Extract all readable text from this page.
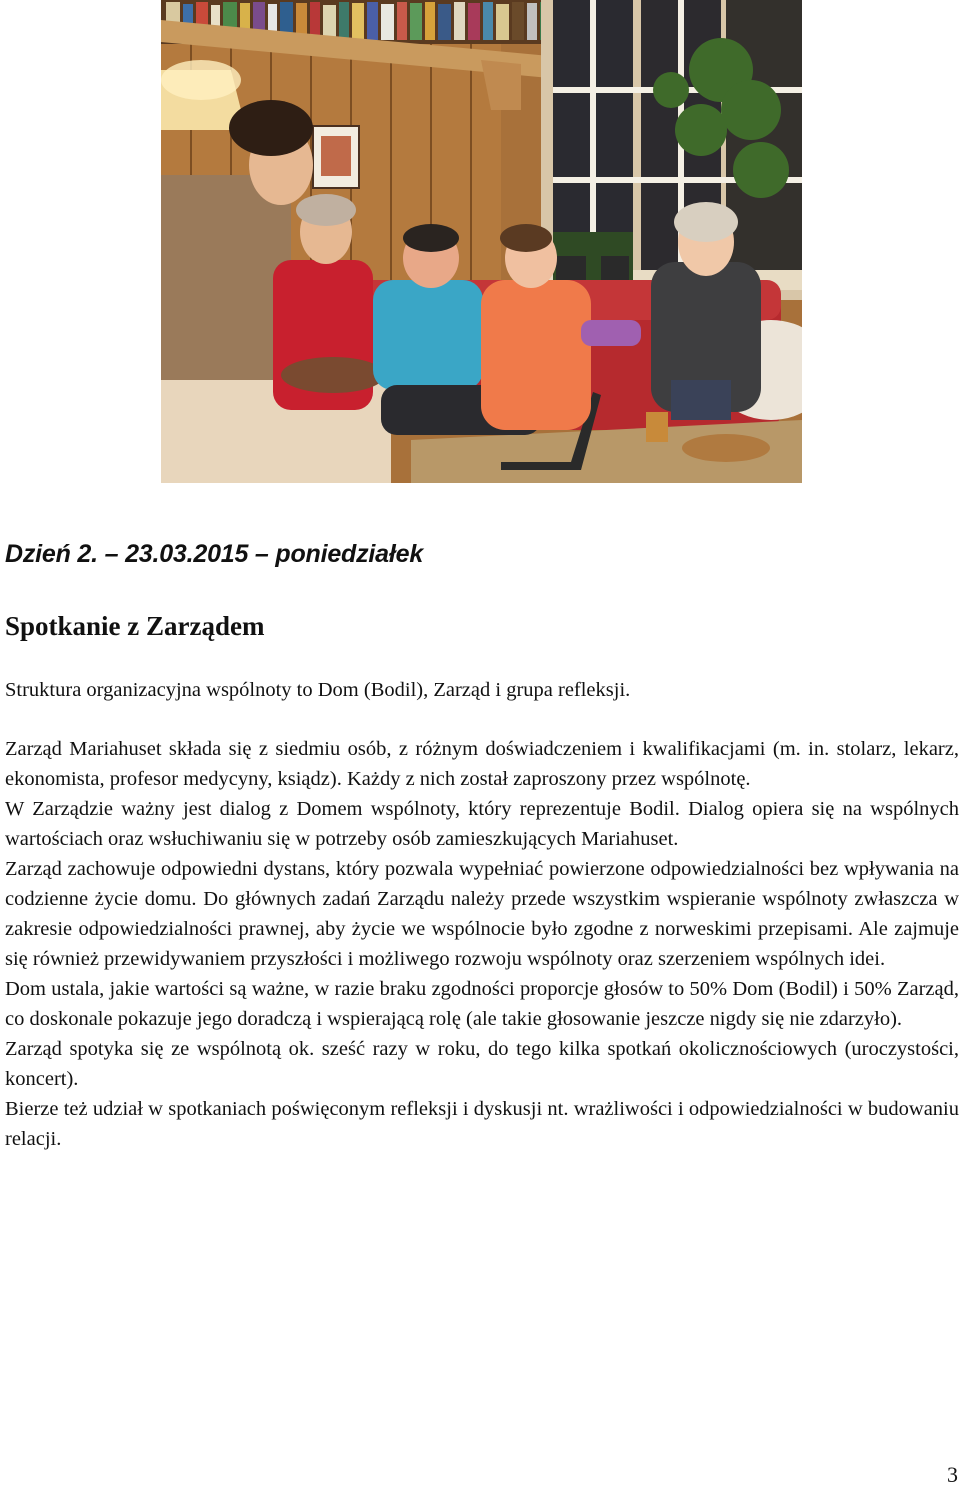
Dzień 2. – 23.03.2015 – poniedziałek
Spotkanie z Zarządem

Struktura organizacyjna wspólnoty to Dom (Bodil), Zarząd i grupa refleksji.

Zarząd Mariahuset składa się z siedmiu osób, z różnym doświadczeniem i kwalifikacjami (m. in. stolarz, lekarz, ekonomista, profesor medycyny, ksiądz). Każdy z nich został zaproszony przez wspólnotę.
W Zarządzie ważny jest dialog z Domem wspólnoty, który reprezentuje Bodil. Dialog opiera się na wspólnych wartościach oraz wsłuchiwaniu się w potrzeby osób zamieszkujących Mariahuset.
Zarząd zachowuje odpowiedni dystans, który pozwala wypełniać powierzone odpowiedzialności bez wpływania na codzienne życie domu. Do głównych zadań Zarządu należy przede wszystkim wspieranie wspólnoty zwłaszcza w zakresie odpowiedzialności prawnej, aby życie we wspólnocie było zgodne z norweskimi przepisami. Ale zajmuje się również przewidywaniem przyszłości i możliwego rozwoju wspólnoty oraz szerzeniem wspólnych idei.
Dom ustala, jakie wartości są ważne, w razie braku zgodności proporcje głosów to 50% Dom (Bodil) i 50% Zarząd, co doskonale pokazuje jego doradczą i wspierającą rolę (ale takie głosowanie jeszcze nigdy się nie zdarzyło).
Zarząd spotyka się ze wspólnotą ok. sześć razy w roku, do tego kilka spotkań okolicznościowych (uroczystości, koncert).
Bierze też udział w spotkaniach poświęconym refleksji i dyskusji nt. wrażliwości i odpowiedzialności w budowaniu relacji.
3
